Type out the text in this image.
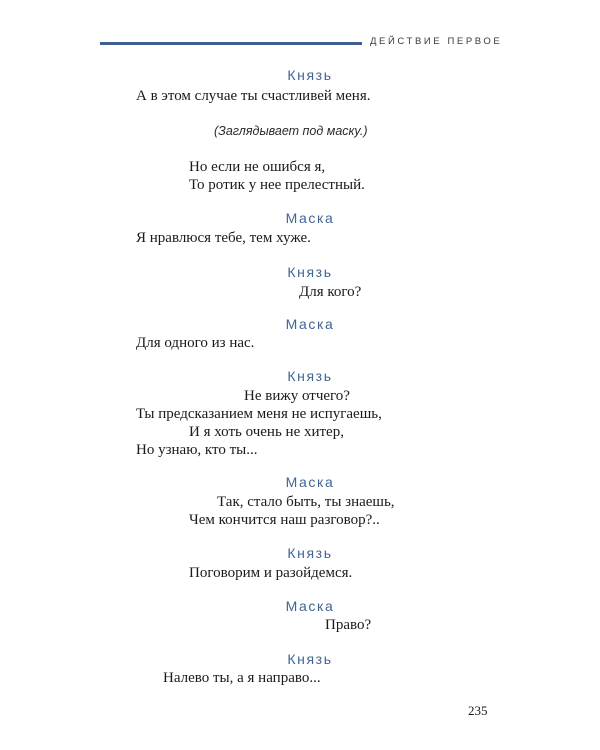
ДЕЙСТВИЕ ПЕРВОЕ
Князь
А в этом случае ты счастливей меня.
(Заглядывает под маску.)
Но если не ошибся я,
То ротик у нее прелестный.
Маска
Я нравлюся тебе, тем хуже.
Князь
Для кого?
Маска
Для одного из нас.
Князь
Не вижу отчего?
Ты предсказанием меня не испугаешь,
И я хоть очень не хитер,
Но узнаю, кто ты...
Маска
Так, стало быть, ты знаешь,
Чем кончится наш разговор?..
Князь
Поговорим и разойдемся.
Маска
Право?
Князь
Налево ты, а я направо...
235
